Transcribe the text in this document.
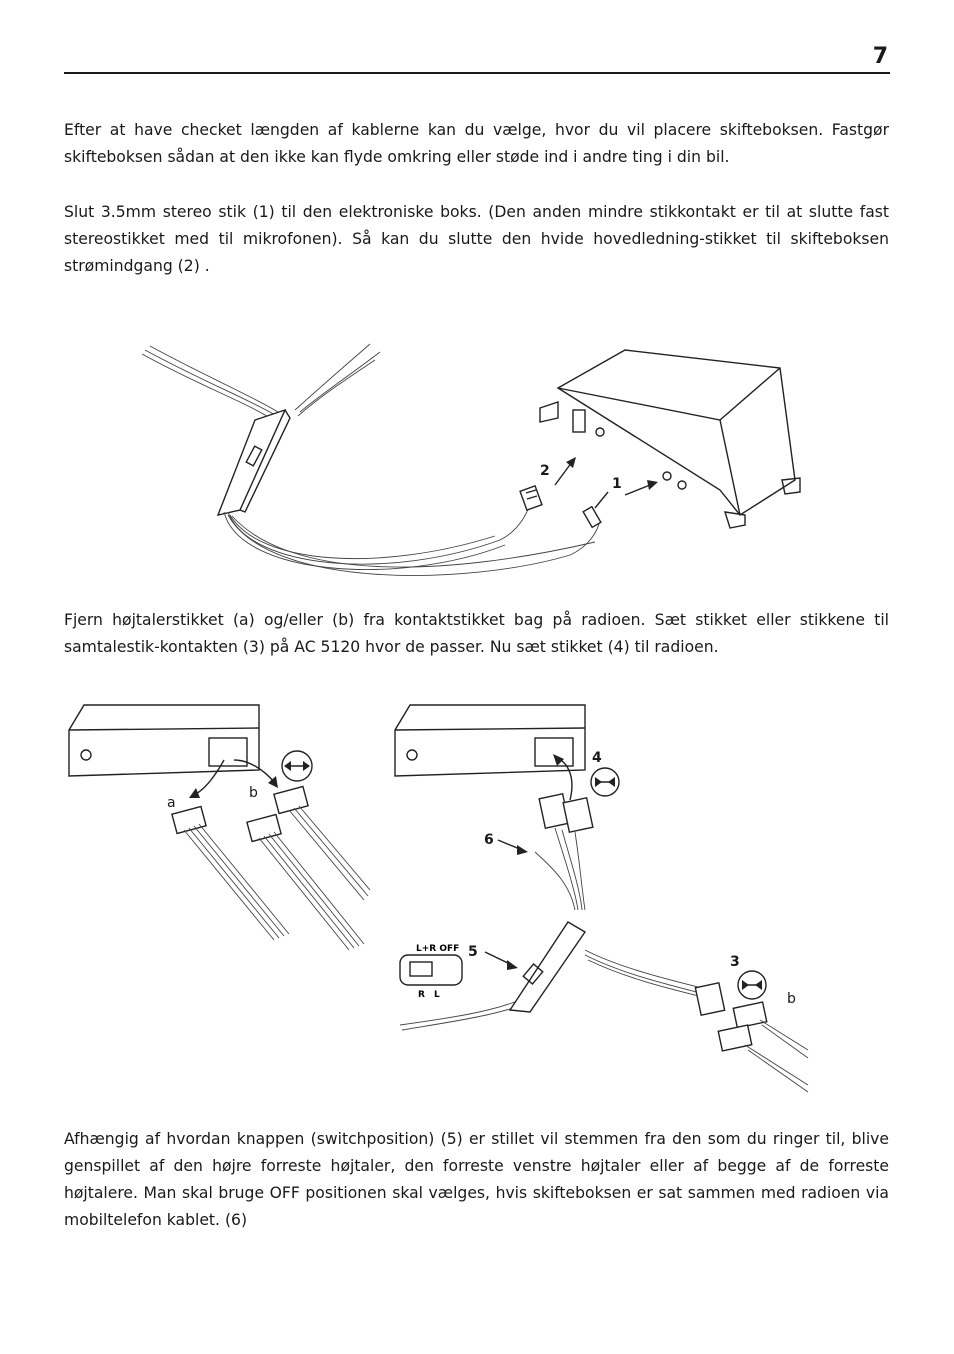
7

Efter at have checket længden af kablerne kan du vælge, hvor du vil placere skifteboksen. Fastgør skifteboksen sådan at den ikke kan flyde omkring eller støde ind i andre ting i din bil.

Slut 3.5mm stereo stik (1) til den elektroniske boks. (Den anden mindre stikkontakt er til at slutte fast stereostikket med til mikrofonen). Så kan du slutte den hvide hovedledning-stikket til skifteboksen strømindgang (2) .

2
1

Fjern højtalerstikket (a) og/eller (b) fra kontaktstikket bag på radioen. Sæt stikket eller stikkene til samtalestik-kontakten (3) på AC 5120 hvor de passer. Nu sæt stikket (4) til radioen.

a
b
4
6
5
L+R OFF
R L
3
b

Afhængig af hvordan knappen (switchposition) (5) er stillet vil stemmen fra den som du ringer til, blive genspillet af den højre forreste højtaler, den forreste venstre højtaler eller af begge af de forreste højtalere. Man skal bruge OFF positionen skal vælges, hvis skifteboksen er sat sammen med radioen via mobiltelefon kablet. (6)
